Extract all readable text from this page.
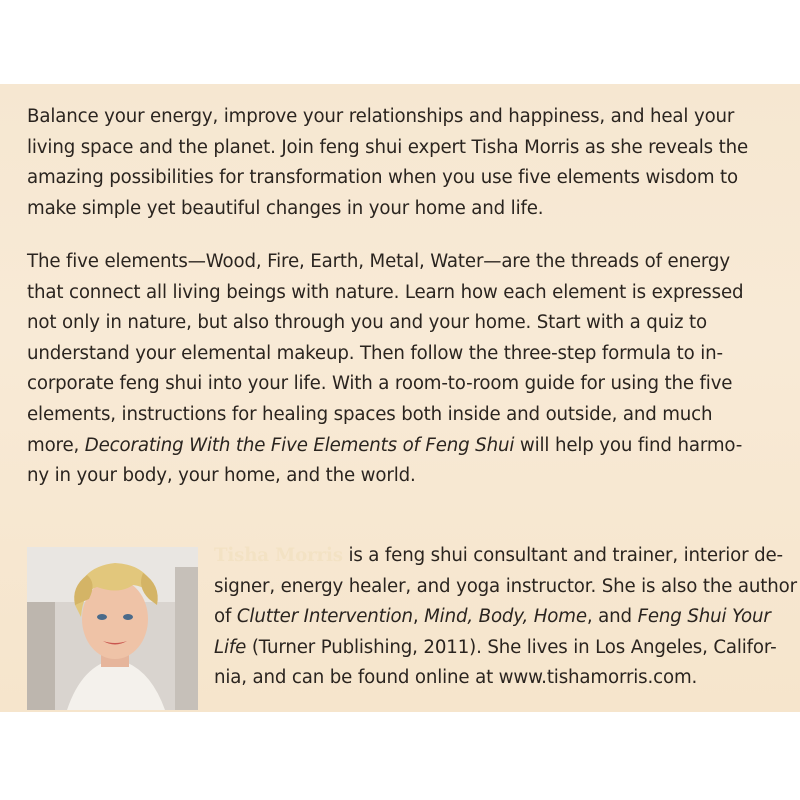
Balance your energy, improve your relationships and happiness, and heal your
living space and the planet. Join feng shui expert Tisha Morris as she reveals the
amazing possibilities for transformation when you use five elements wisdom to
make simple yet beautiful changes in your home and life.
The five elements—Wood, Fire, Earth, Metal, Water—are the threads of energy
that connect all living beings with nature. Learn how each element is expressed
not only in nature, but also through you and your home. Start with a quiz to
understand your elemental makeup. Then follow the three-step formula to in-
corporate feng shui into your life. With a room-to-room guide for using the five
elements, instructions for healing spaces both inside and outside, and much
more, Decorating With the Five Elements of Feng Shui will help you find harmo-
ny in your body, your home, and the world.
Tisha Morris is a feng shui consultant and trainer, interior de-
signer, energy healer, and yoga instructor. She is also the author
of Clutter Intervention, Mind, Body, Home, and Feng Shui Your
Life (Turner Publishing, 2011). She lives in Los Angeles, Califor-
nia, and can be found online at www.tishamorris.com.
